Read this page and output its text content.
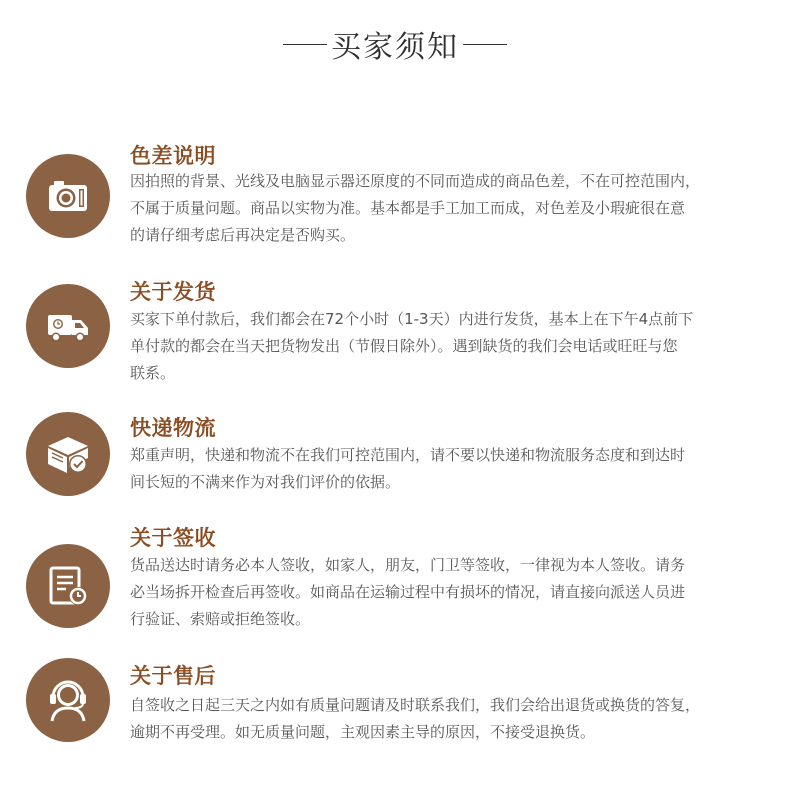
买家须知
色差说明
因拍照的背景、光线及电脑显示器还原度的不同而造成的商品色差，不在可控范围内，
不属于质量问题。商品以实物为准。基本都是手工加工而成，对色差及小瑕疵很在意
的请仔细考虑后再决定是否购买。
关于发货
买家下单付款后，我们都会在72个小时（1-3天）内进行发货，基本上在下午4点前下
单付款的都会在当天把货物发出（节假日除外）。遇到缺货的我们会电话或旺旺与您
联系。
快递物流
郑重声明，快递和物流不在我们可控范围内，请不要以快递和物流服务态度和到达时
间长短的不满来作为对我们评价的依据。
关于签收
货品送达时请务必本人签收，如家人，朋友，门卫等签收，一律视为本人签收。请务
必当场拆开检查后再签收。如商品在运输过程中有损坏的情况，请直接向派送人员进
行验证、索赔或拒绝签收。
关于售后
自签收之日起三天之内如有质量问题请及时联系我们，我们会给出退货或换货的答复，
逾期不再受理。如无质量问题，主观因素主导的原因，不接受退换货。
